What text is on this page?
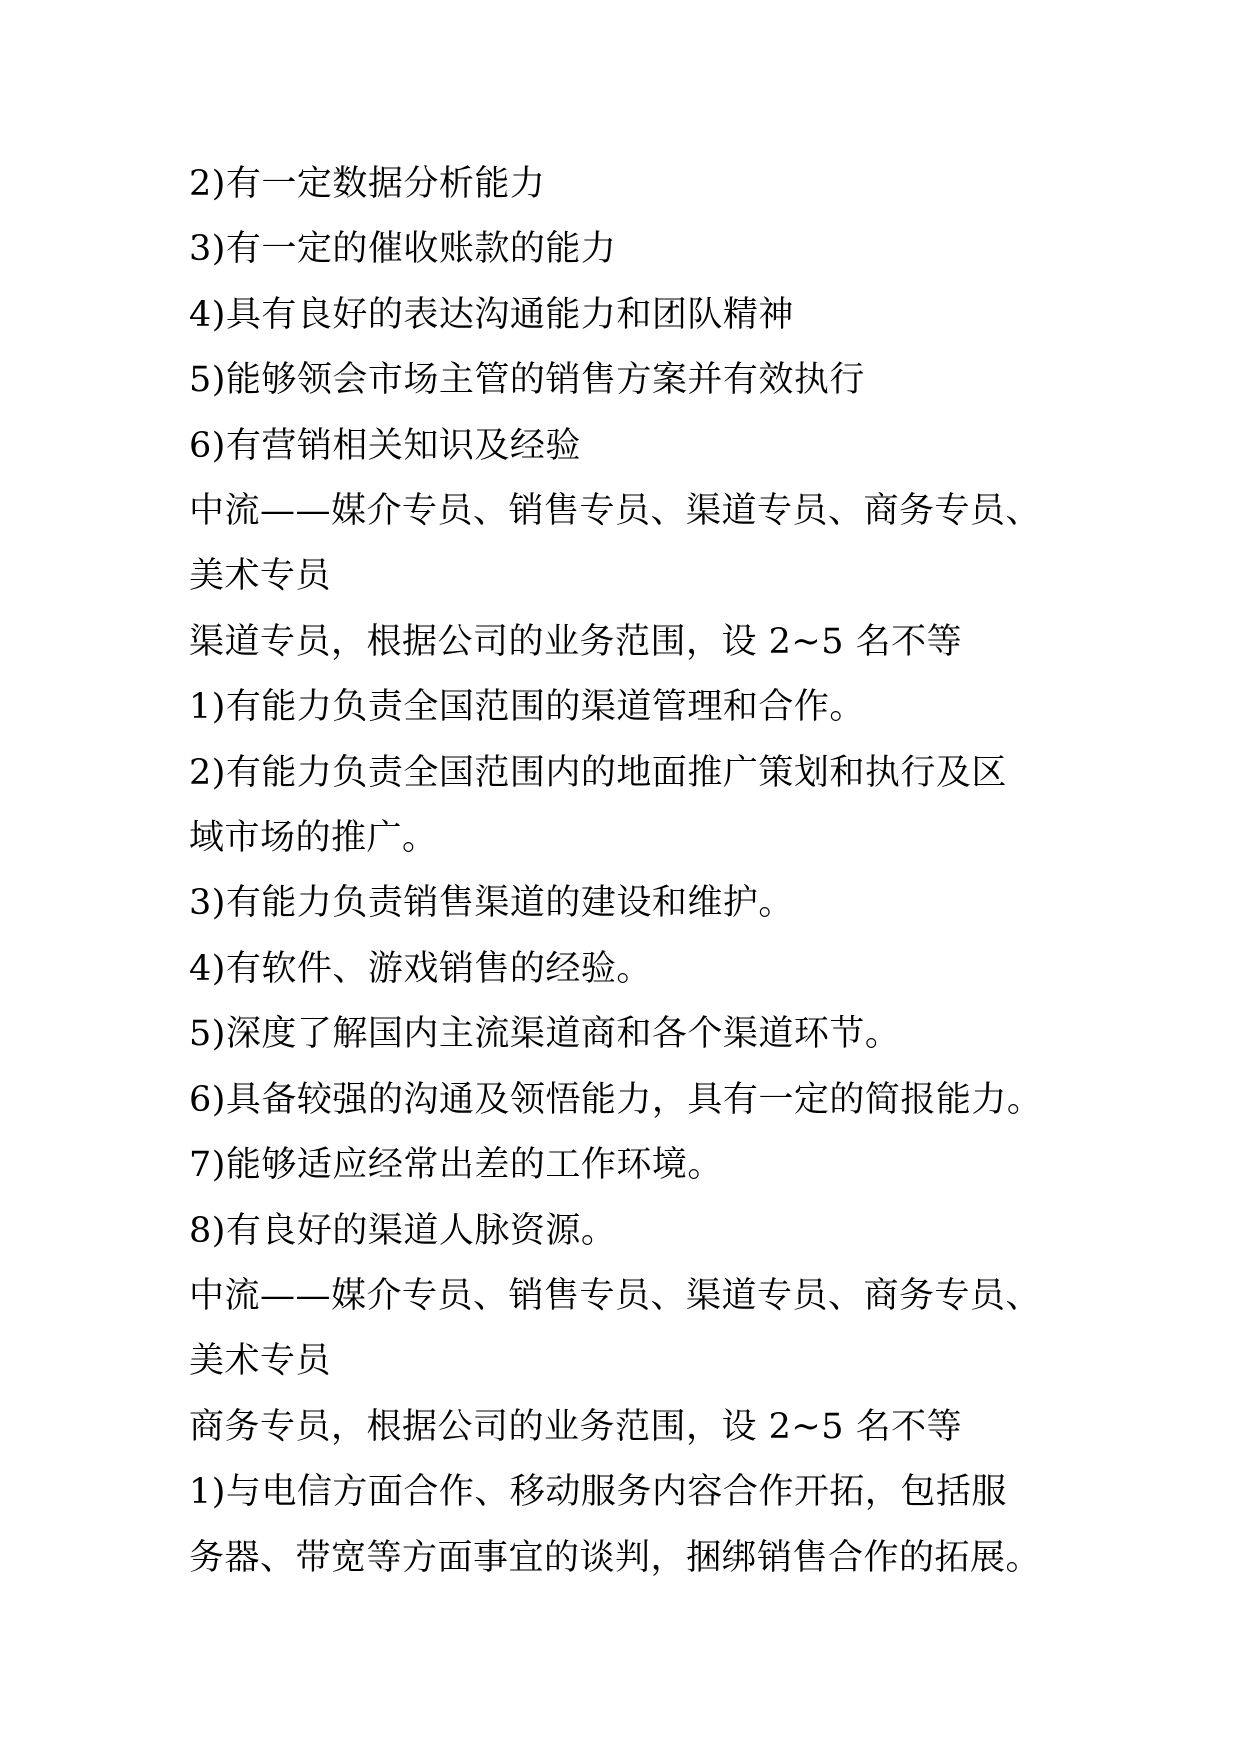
2)有一定数据分析能力
3)有一定的催收账款的能力
4)具有良好的表达沟通能力和团队精神
5)能够领会市场主管的销售方案并有效执行
6)有营销相关知识及经验
中流——媒介专员、销售专员、渠道专员、商务专员、
美术专员
渠道专员，根据公司的业务范围，设 2~5 名不等
1)有能力负责全国范围的渠道管理和合作。
2)有能力负责全国范围内的地面推广策划和执行及区
域市场的推广。
3)有能力负责销售渠道的建设和维护。
4)有软件、游戏销售的经验。
5)深度了解国内主流渠道商和各个渠道环节。
6)具备较强的沟通及领悟能力，具有一定的简报能力。
7)能够适应经常出差的工作环境。
8)有良好的渠道人脉资源。
中流——媒介专员、销售专员、渠道专员、商务专员、
美术专员
商务专员，根据公司的业务范围，设 2~5 名不等
1)与电信方面合作、移动服务内容合作开拓，包括服
务器、带宽等方面事宜的谈判，捆绑销售合作的拓展。
